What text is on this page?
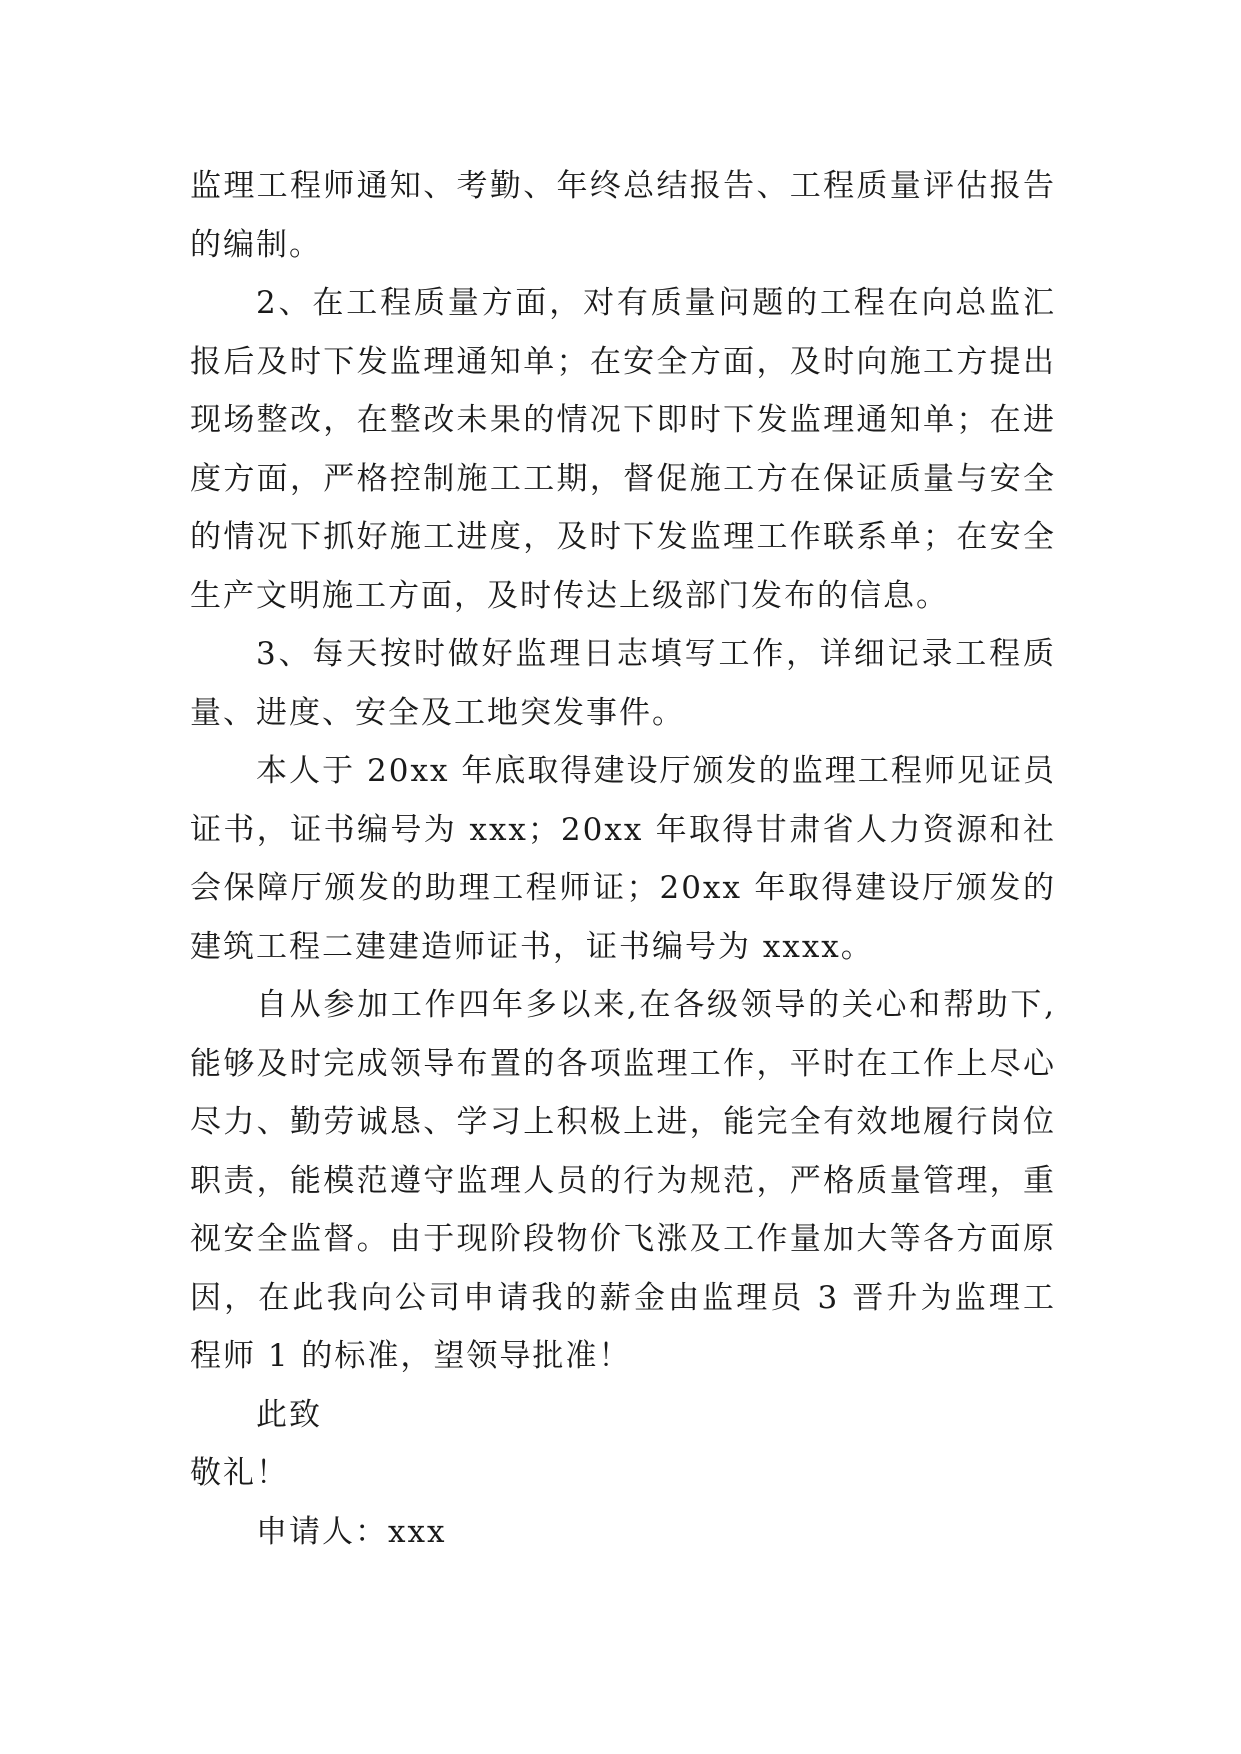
监理工程师通知、考勤、年终总结报告、工程质量评估报告的编制。

2、在工程质量方面，对有质量问题的工程在向总监汇报后及时下发监理通知单；在安全方面，及时向施工方提出现场整改，在整改未果的情况下即时下发监理通知单；在进度方面，严格控制施工工期，督促施工方在保证质量与安全的情况下抓好施工进度，及时下发监理工作联系单；在安全生产文明施工方面，及时传达上级部门发布的信息。

3、每天按时做好监理日志填写工作，详细记录工程质量、进度、安全及工地突发事件。

本人于 20xx 年底取得建设厅颁发的监理工程师见证员证书，证书编号为 xxx；20xx 年取得甘肃省人力资源和社会保障厅颁发的助理工程师证；20xx 年取得建设厅颁发的建筑工程二建建造师证书，证书编号为 xxxx。

自从参加工作四年多以来,在各级领导的关心和帮助下,能够及时完成领导布置的各项监理工作，平时在工作上尽心尽力、勤劳诚恳、学习上积极上进，能完全有效地履行岗位职责，能模范遵守监理人员的行为规范，严格质量管理，重视安全监督。由于现阶段物价飞涨及工作量加大等各方面原因，在此我向公司申请我的薪金由监理员 3 晋升为监理工程师 1 的标准，望领导批准！

此致
敬礼！
申请人：xxx
